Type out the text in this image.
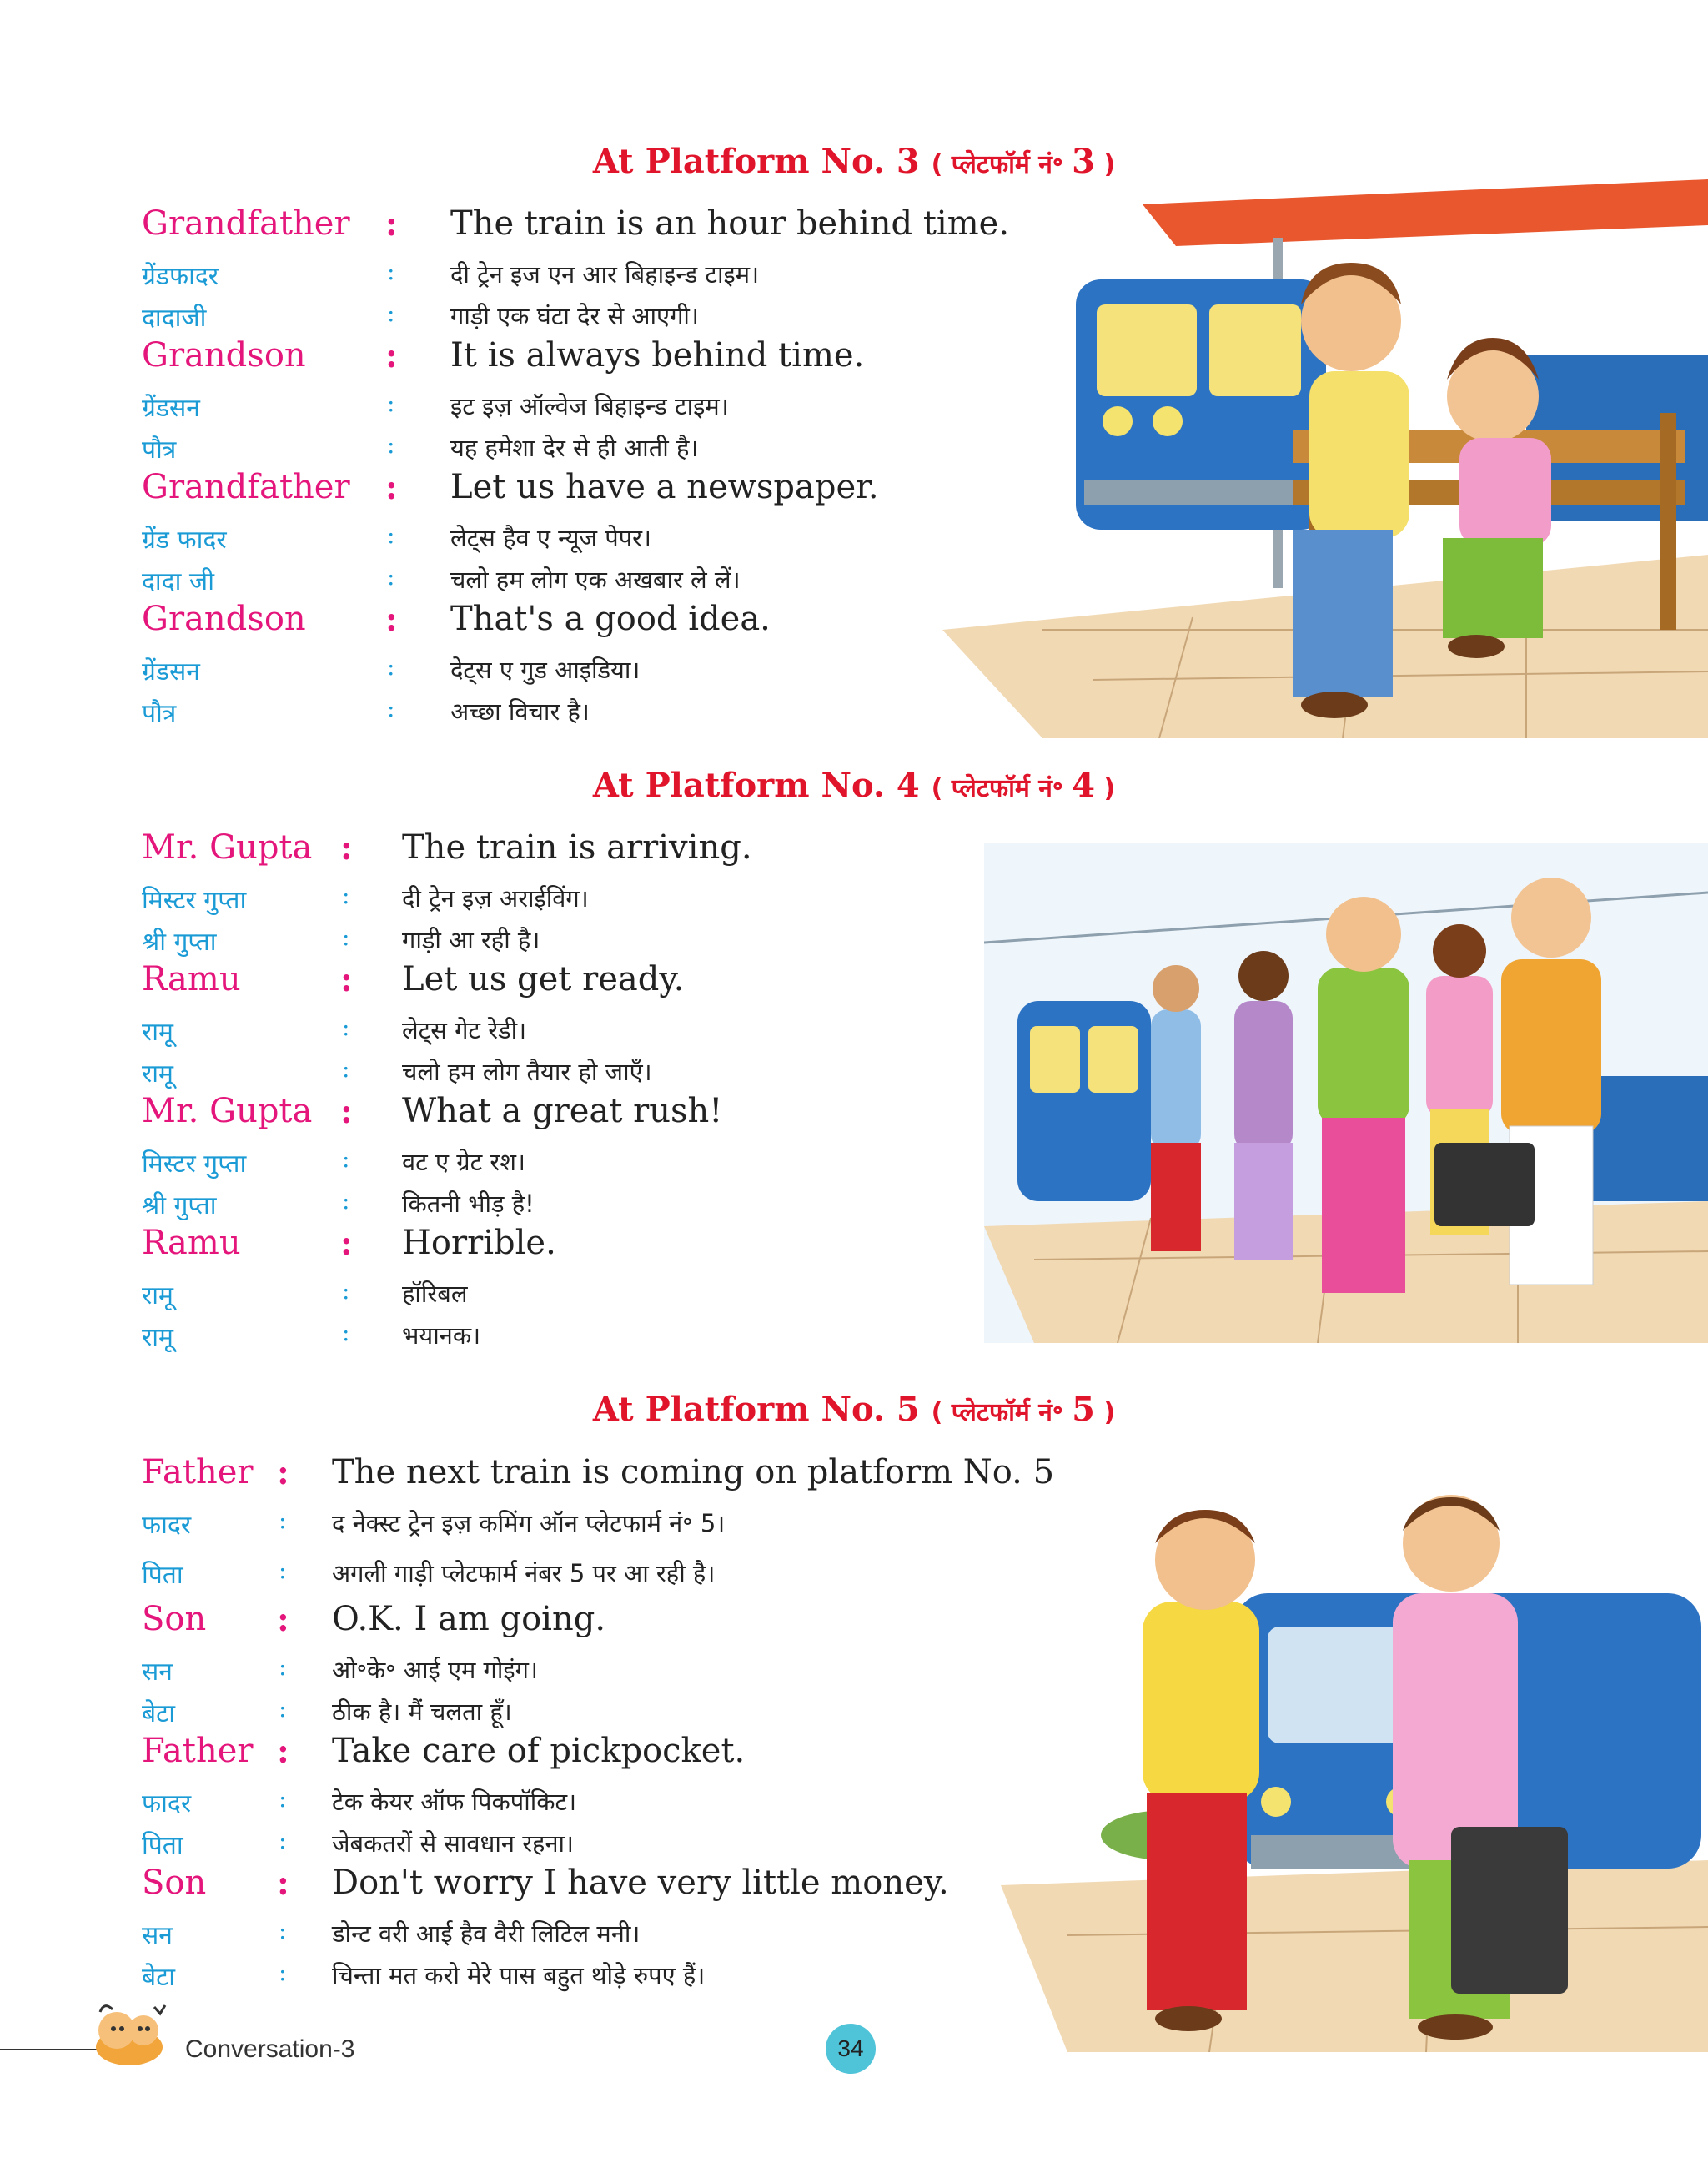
At Platform No. 3 ( प्लेटफॉर्म नं॰ 3 )
Grandfather : The train is an hour behind time.
ग्रेंडफादर	: दी ट्रेन इज एन आर बिहाइन्ड टाइम।
दादाजी	: गाड़ी एक घंटा देर से आएगी।
Grandson : It is always behind time.
ग्रेंडसन	: इट इज़ ऑल्वेज बिहाइन्ड टाइम।
पौत्र	: यह हमेशा देर से ही आती है।
Grandfather : Let us have a newspaper.
ग्रेंड फादर	: लेट्स हैव ए न्यूज पेपर।
दादा जी	: चलो हम लोग एक अखबार ले लें।
Grandson : That's a good idea.
ग्रेंडसन	: देट्स ए गुड आइडिया।
पौत्र	: अच्छा विचार है।
At Platform No. 4 ( प्लेटफॉर्म नं॰ 4 )
Mr. Gupta : The train is arriving.
मिस्टर गुप्ता	: दी ट्रेन इज़ अराईविंग।
श्री गुप्ता	: गाड़ी आ रही है।
Ramu	: Let us get ready.
रामू	: लेट्स गेट रेडी।
रामू	: चलो हम लोग तैयार हो जाएँ।
Mr. Gupta : What a great rush!
मिस्टर गुप्ता	: वट ए ग्रेट रश।
श्री गुप्ता	: कितनी भीड़ है!
Ramu	: Horrible.
रामू	: हॉरिबल
रामू	: भयानक।
At Platform No. 5 ( प्लेटफॉर्म नं॰ 5 )
Father : The next train is coming on platform No. 5
फादर	: द नेक्स्ट ट्रेन इज़ कमिंग ऑन प्लेटफार्म नं॰ 5।
पिता	: अगली गाड़ी प्लेटफार्म नंबर 5 पर आ रही है।
Son : O.K. I am going.
सन	: ओ॰के॰ आई एम गोइंग।
बेटा	: ठीक है। मैं चलता हूँ।
Father : Take care of pickpocket.
फादर	: टेक केयर ऑफ पिकपॉकिट।
पिता	: जेबकतरों से सावधान रहना।
Son : Don't worry I have very little money.
सन	: डोन्ट वरी आई हैव वैरी लिटिल मनी।
बेटा	: चिन्ता मत करो मेरे पास बहुत थोड़े रुपए हैं।
Conversation-3	34
